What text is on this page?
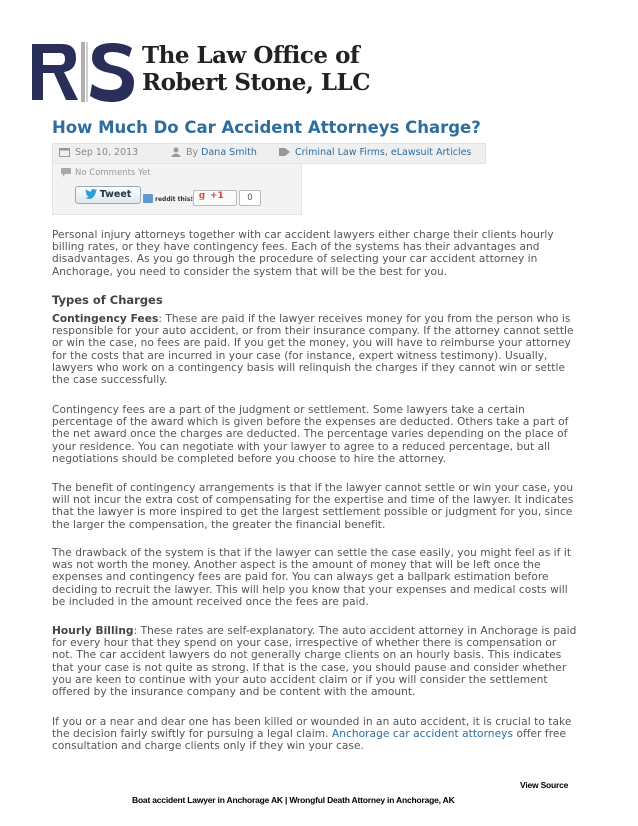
The Law Office of
Robert Stone, LLC
How Much Do Car Accident Attorneys Charge?
Sep 10, 2013	By Dana Smith	Criminal Law Firms, eLawsuit Articles
No Comments Yet
Tweet	reddit this! g +1	0
Personal injury attorneys together with car accident lawyers either charge their clients hourly billing rates, or they have contingency fees. Each of the systems has their advantages and disadvantages. As you go through the procedure of selecting your car accident attorney in Anchorage, you need to consider the system that will be the best for you.
Types of Charges
Contingency Fees: These are paid if the lawyer receives money for you from the person who is responsible for your auto accident, or from their insurance company. If the attorney cannot settle or win the case, no fees are paid. If you get the money, you will have to reimburse your attorney for the costs that are incurred in your case (for instance, expert witness testimony). Usually, lawyers who work on a contingency basis will relinquish the charges if they cannot win or settle the case successfully.
Contingency fees are a part of the judgment or settlement. Some lawyers take a certain percentage of the award which is given before the expenses are deducted. Others take a part of the net award once the charges are deducted. The percentage varies depending on the place of your residence. You can negotiate with your lawyer to agree to a reduced percentage, but all negotiations should be completed before you choose to hire the attorney.
The benefit of contingency arrangements is that if the lawyer cannot settle or win your case, you will not incur the extra cost of compensating for the expertise and time of the lawyer. It indicates that the lawyer is more inspired to get the largest settlement possible or judgment for you, since the larger the compensation, the greater the financial benefit.
The drawback of the system is that if the lawyer can settle the case easily, you might feel as if it was not worth the money. Another aspect is the amount of money that will be left once the expenses and contingency fees are paid for. You can always get a ballpark estimation before deciding to recruit the lawyer. This will help you know that your expenses and medical costs will be included in the amount received once the fees are paid.
Hourly Billing: These rates are self-explanatory. The auto accident attorney in Anchorage is paid for every hour that they spend on your case, irrespective of whether there is compensation or not. The car accident lawyers do not generally charge clients on an hourly basis. This indicates that your case is not quite as strong. If that is the case, you should pause and consider whether you are keen to continue with your auto accident claim or if you will consider the settlement offered by the insurance company and be content with the amount.
If you or a near and dear one has been killed or wounded in an auto accident, it is crucial to take the decision fairly swiftly for pursuing a legal claim. Anchorage car accident attorneys offer free consultation and charge clients only if they win your case.
View Source
Boat accident Lawyer in Anchorage AK | Wrongful Death Attorney in Anchorage, AK
